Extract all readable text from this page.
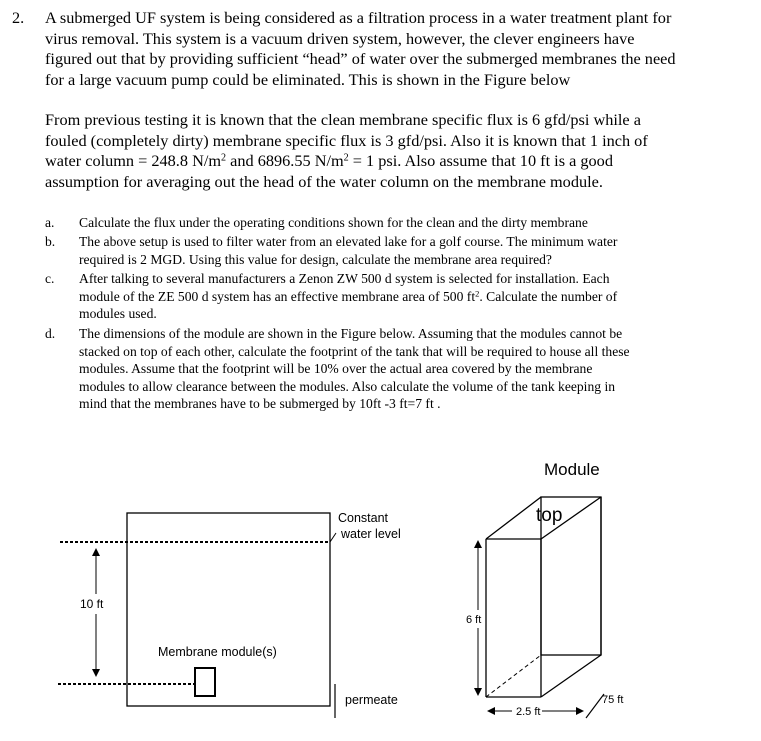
2. A submerged UF system is being considered as a filtration process in a water treatment plant for
virus removal. This system is a vacuum driven system, however, the clever engineers have
figured out that by providing sufficient “head” of water over the submerged membranes the need
for a large vacuum pump could be eliminated. This is shown in the Figure below
From previous testing it is known that the clean membrane specific flux is 6 gfd/psi while a
fouled (completely dirty) membrane specific flux is 3 gfd/psi. Also it is known that 1 inch of
water column = 248.8 $N/m^2$ and 6896.55 $N/m^2 = 1$ psi. Also assume that 10 ft is a good
assumption for averaging out the head of the water column on the membrane module.
a. Calculate the flux under the operating conditions shown for the clean and the dirty membrane
b. The above setup is used to filter water from an elevated lake for a golf course. The minimum water
required is 2 MGD. Using this value for design, calculate the membrane area required?
c. After talking to several manufacturers a Zenon ZW 500 d system is selected for installation. Each
module of the ZE 500 d system has an effective membrane area of 500 $ft^2$. Calculate the number of
modules used.
d. The dimensions of the module are shown in the Figure below. Assuming that the modules cannot be
stacked on top of each other, calculate the footprint of the tank that will be required to house all these
modules. Assume that the footprint will be 10% over the actual area covered by the membrane
modules to allow clearance between the modules. Also calculate the volume of the tank keeping in
mind that the membranes have to be submerged by 10ft -3 ft=7 ft .
Constant
water level
10 ft
Membrane module(s)
permeate
Module
top
6 ft
2.5 ft
75 ft
